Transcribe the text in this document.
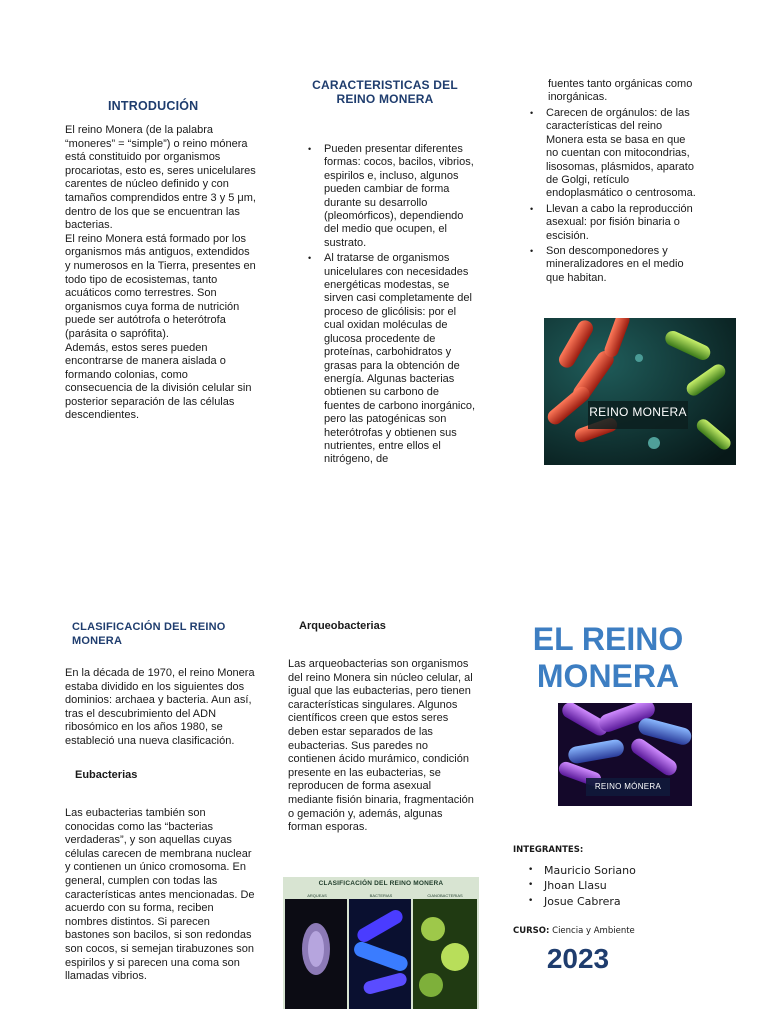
INTRODUCIÓN

El reino Monera (de la palabra “moneres” = “simple”) o reino mónera está constituido por organismos procariotas, esto es, seres unicelulares carentes de núcleo definido y con tamaños comprendidos entre 3 y 5 μm, dentro de los que se encuentran las bacterias.

El reino Monera está formado por los organismos más antiguos, extendidos y numerosos en la Tierra, presentes en todo tipo de ecosistemas, tanto acuáticos como terrestres. Son organismos cuya forma de nutrición puede ser autótrofa o heterótrofa (parásita o saprófita).

Además, estos seres pueden encontrarse de manera aislada o formando colonias, como consecuencia de la división celular sin posterior separación de las células descendientes.

CARACTERISTICAS DEL
REINO MONERA
• Pueden presentar diferentes formas: cocos, bacilos, vibrios, espirilos e, incluso, algunos pueden cambiar de forma durante su desarrollo (pleomórficos), dependiendo del medio que ocupen, el sustrato.
• Al tratarse de organismos unicelulares con necesidades energéticas modestas, se sirven casi completamente del proceso de glicólisis: por el cual oxidan moléculas de glucosa procedente de proteínas, carbohidratos y grasas para la obtención de energía. Algunas bacterias obtienen su carbono de fuentes de carbono inorgánico, pero las patogénicas son heterótrofas y obtienen sus nutrientes, entre ellos el nitrógeno, de
fuentes tanto orgánicas como inorgánicas.
• Carecen de orgánulos: de las características del reino Monera esta se basa en que no cuentan con mitocondrias, lisosomas, plásmidos, aparato de Golgi, retículo endoplasmático o centrosoma.
• Llevan a cabo la reproducción asexual: por fisión binaria o escisión.
• Son descomponedores y mineralizadores en el medio que habitan.
REINO MONERA
CLASIFICACIÓN DEL REINO
MONERA
En la década de 1970, el reino Monera estaba dividido en los siguientes dos dominios: archaea y bacteria. Aun así, tras el descubrimiento del ADN ribosómico en los años 1980, se estableció una nueva clasificación.
Eubacterias
Las eubacterias también son conocidas como las “bacterias verdaderas”, y son aquellas cuyas células carecen de membrana nuclear y contienen un único cromosoma. En general, cumplen con todas las características antes mencionadas. De acuerdo con su forma, reciben nombres distintos. Si parecen bastones son bacilos, si son redondas son cocos, si semejan tirabuzones son espirilos y si parecen una coma son llamadas vibrios.
Arqueobacterias
Las arqueobacterias son organismos del reino Monera sin núcleo celular, al igual que las eubacterias, pero tienen características singulares. Algunos científicos creen que estos seres deben estar separados de las eubacterias. Sus paredes no contienen ácido murámico, condición presente en las eubacterias, se reproducen de forma asexual mediante fisión binaria, fragmentación o gemación y, además, algunas forman esporas.
CLASIFICACIÓN DEL REINO MONERA
ARQUEAS	BACTERIAS	CIANOBACTERIAS
EL REINO
MONERA
REINO MÓNERA
INTEGRANTES:
• Mauricio Soriano
• Jhoan Llasu
• Josue Cabrera
CURSO: Ciencia y Ambiente
2023
